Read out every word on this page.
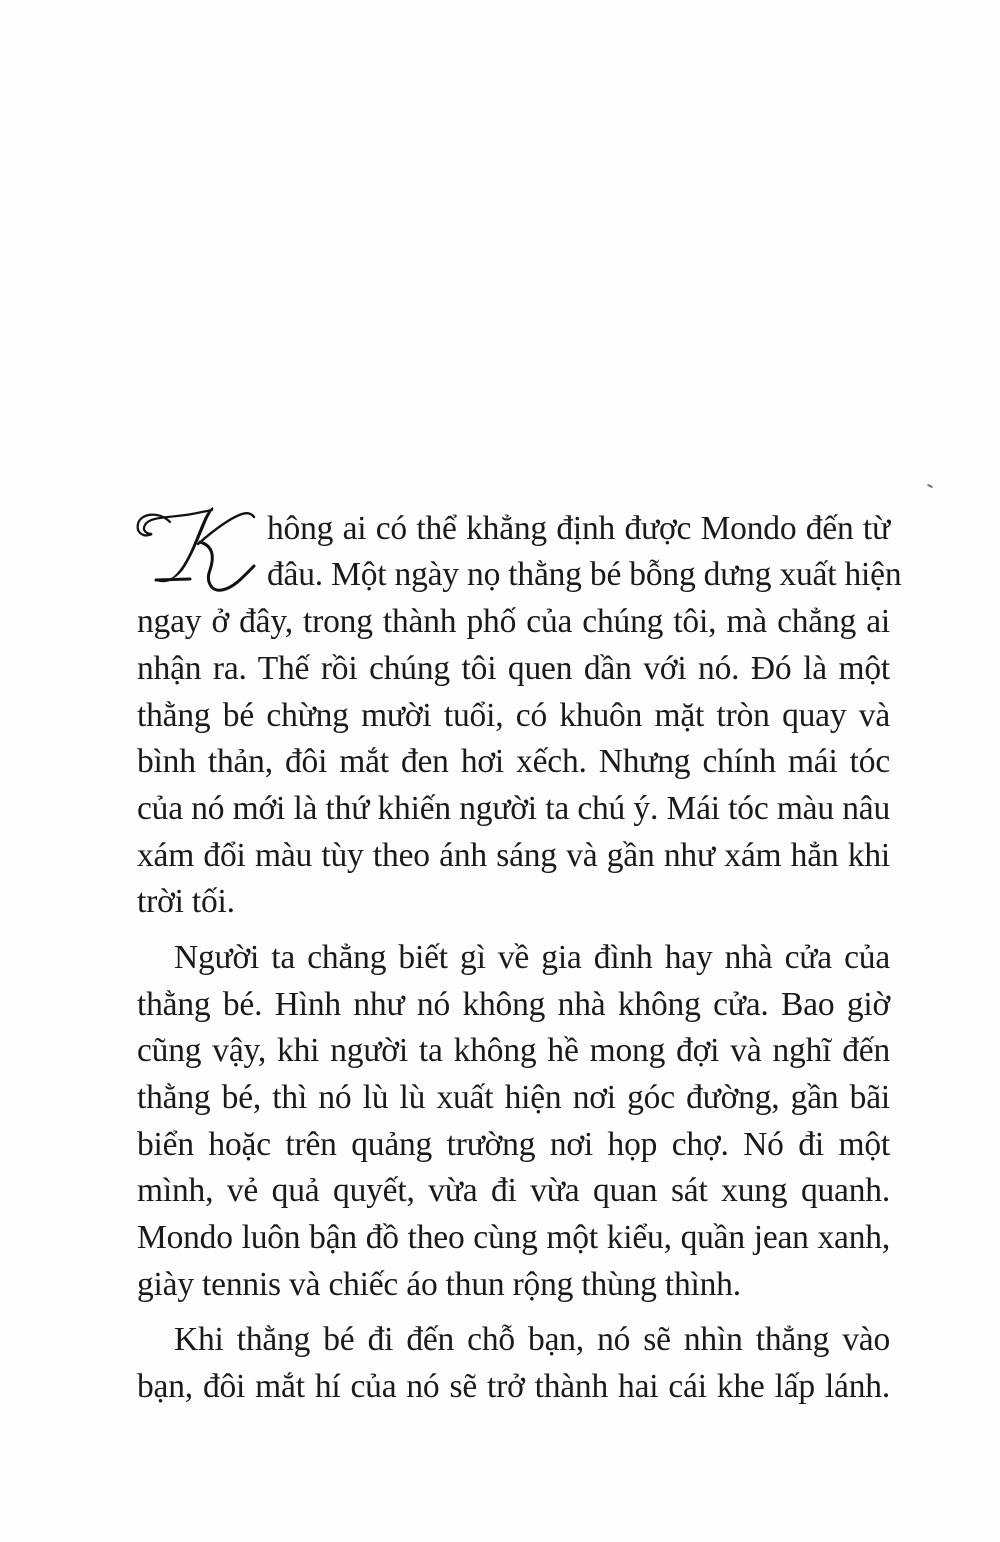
hông ai có thể khẳng định được Mondo đến từ
đâu. Một ngày nọ thằng bé bỗng dưng xuất hiện
ngay ở đây, trong thành phố của chúng tôi, mà chẳng ai
nhận ra. Thế rồi chúng tôi quen dần với nó. Đó là một
thằng bé chừng mười tuổi, có khuôn mặt tròn quay và
bình thản, đôi mắt đen hơi xếch. Nhưng chính mái tóc
của nó mới là thứ khiến người ta chú ý. Mái tóc màu nâu
xám đổi màu tùy theo ánh sáng và gần như xám hẳn khi
trời tối.
Người ta chẳng biết gì về gia đình hay nhà cửa của
thằng bé. Hình như nó không nhà không cửa. Bao giờ
cũng vậy, khi người ta không hề mong đợi và nghĩ đến
thằng bé, thì nó lù lù xuất hiện nơi góc đường, gần bãi
biển hoặc trên quảng trường nơi họp chợ. Nó đi một
mình, vẻ quả quyết, vừa đi vừa quan sát xung quanh.
Mondo luôn bận đồ theo cùng một kiểu, quần jean xanh,
giày tennis và chiếc áo thun rộng thùng thình.
Khi thằng bé đi đến chỗ bạn, nó sẽ nhìn thẳng vào
bạn, đôi mắt hí của nó sẽ trở thành hai cái khe lấp lánh.
